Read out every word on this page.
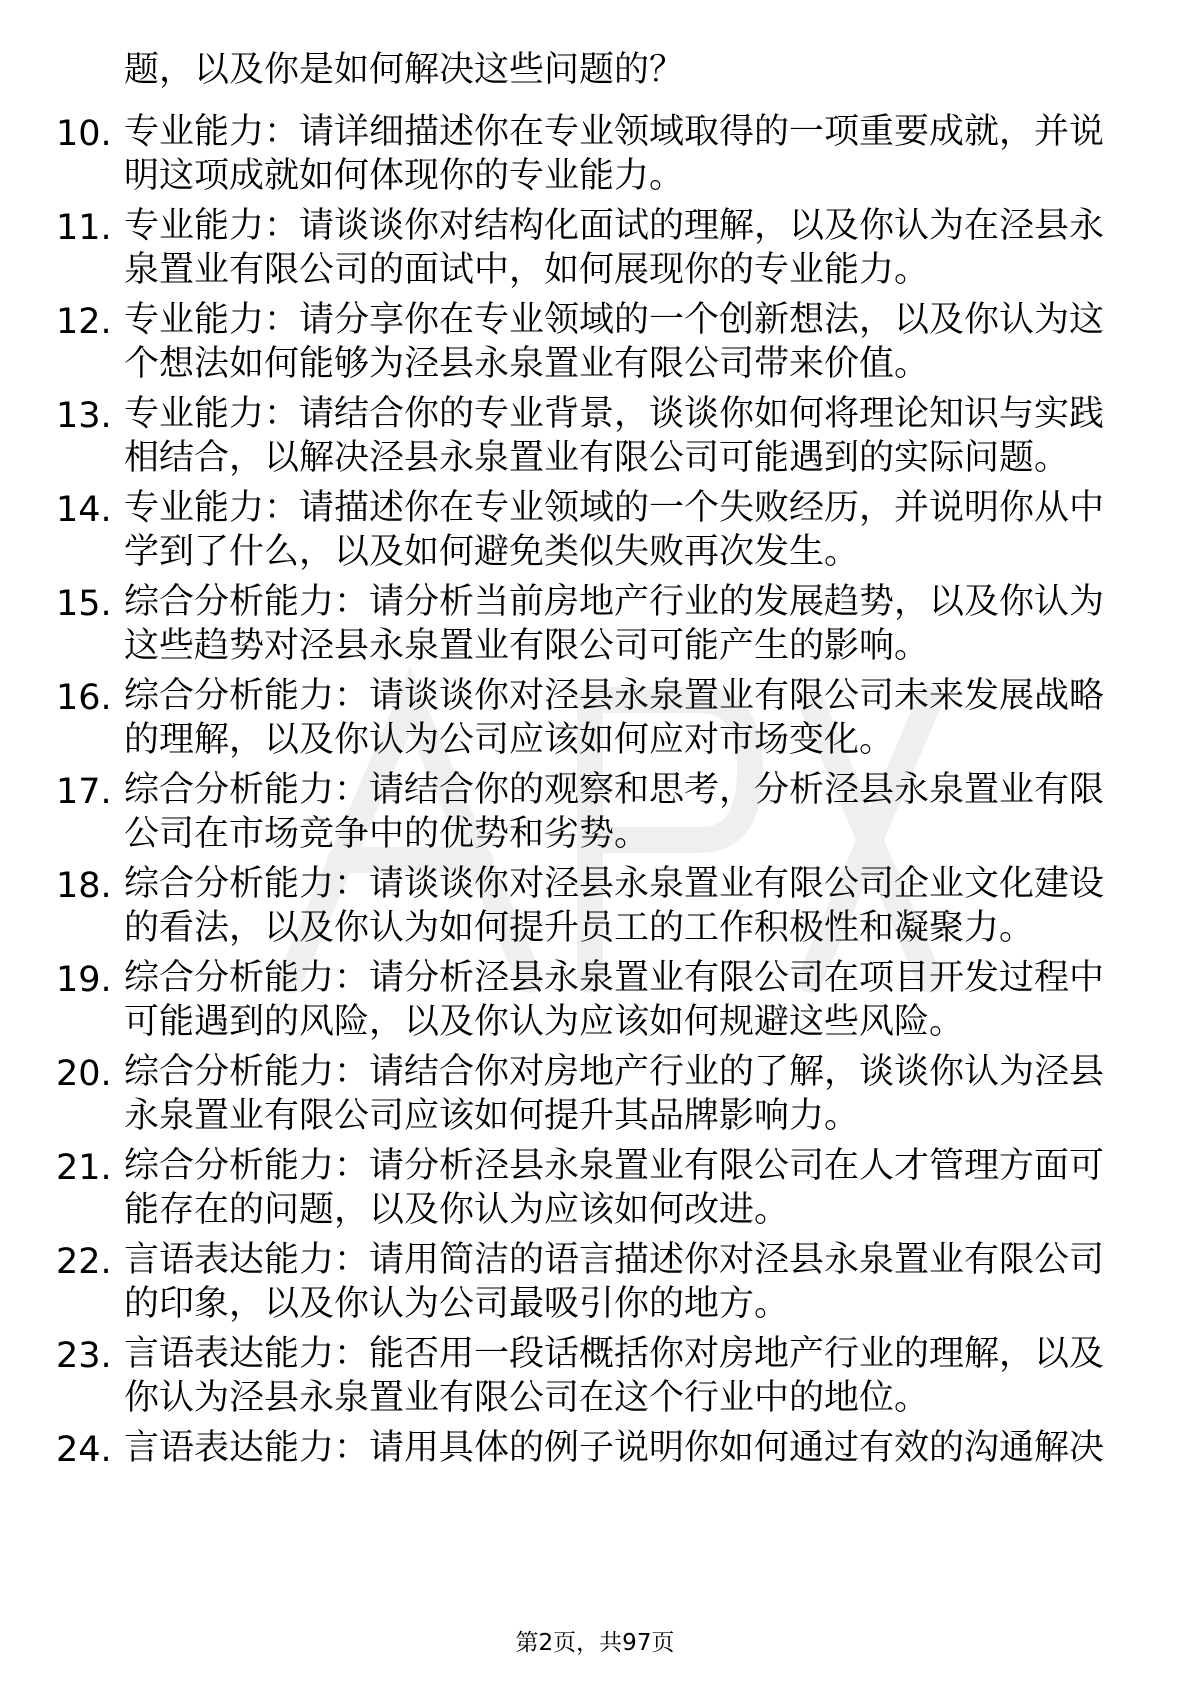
题，以及你是如何解决这些问题的？
10. 专业能力：请详细描述你在专业领域取得的一项重要成就，并说
明这项成就如何体现你的专业能力。
11. 专业能力：请谈谈你对结构化面试的理解，以及你认为在泾县永
泉置业有限公司的面试中，如何展现你的专业能力。
12. 专业能力：请分享你在专业领域的一个创新想法，以及你认为这
个想法如何能够为泾县永泉置业有限公司带来价值。
13. 专业能力：请结合你的专业背景，谈谈你如何将理论知识与实践
相结合，以解决泾县永泉置业有限公司可能遇到的实际问题。
14. 专业能力：请描述你在专业领域的一个失败经历，并说明你从中
学到了什么，以及如何避免类似失败再次发生。
15. 综合分析能力：请分析当前房地产行业的发展趋势，以及你认为
这些趋势对泾县永泉置业有限公司可能产生的影响。
16. 综合分析能力：请谈谈你对泾县永泉置业有限公司未来发展战略
的理解，以及你认为公司应该如何应对市场变化。
17. 综合分析能力：请结合你的观察和思考，分析泾县永泉置业有限
公司在市场竞争中的优势和劣势。
18. 综合分析能力：请谈谈你对泾县永泉置业有限公司企业文化建设
的看法，以及你认为如何提升员工的工作积极性和凝聚力。
19. 综合分析能力：请分析泾县永泉置业有限公司在项目开发过程中
可能遇到的风险，以及你认为应该如何规避这些风险。
20. 综合分析能力：请结合你对房地产行业的了解，谈谈你认为泾县
永泉置业有限公司应该如何提升其品牌影响力。
21. 综合分析能力：请分析泾县永泉置业有限公司在人才管理方面可
能存在的问题，以及你认为应该如何改进。
22. 言语表达能力：请用简洁的语言描述你对泾县永泉置业有限公司
的印象，以及你认为公司最吸引你的地方。
23. 言语表达能力：能否用一段话概括你对房地产行业的理解，以及
你认为泾县永泉置业有限公司在这个行业中的地位。
24. 言语表达能力：请用具体的例子说明你如何通过有效的沟通解决
第2页，共97页
